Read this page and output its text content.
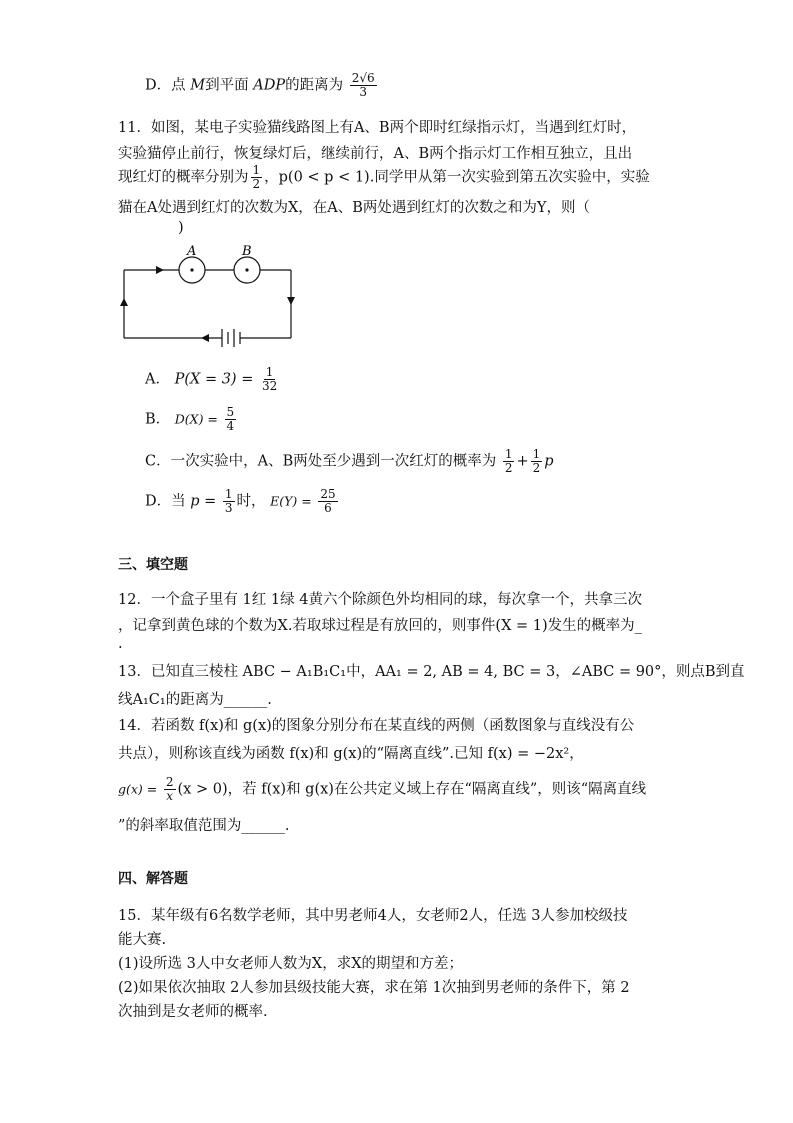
D．点 M到平面 ADP的距离为 $\frac{2√6}{3}$
11．如图，某电子实验猫线路图上有A、B两个即时红绿指示灯，当遇到红灯时，
实验猫停止前行，恢复绿灯后，继续前行，A、B两个指示灯工作相互独立，且出
现红灯的概率分别为 $\frac{1}{2}$ ，p(0 < p < 1).同学甲从第一次实验到第五次实验中，实验
猫在A处遇到红灯的次数为X，在A、B两处遇到红灯的次数之和为Y，则（
)
A	B
A． $P(X = 3) = \frac{1}{32}$
B． $D(X) = \frac{5}{4}$
C．一次实验中，A、B两处至少遇到一次红灯的概率为 $\frac{1}{2} + \frac{1}{2}$ p
D．当 $p = \frac{1}{3}$ 时， $E(Y) = \frac{25}{6}$
三、填空题
12．一个盒子里有 1红 1绿 4黄六个除颜色外均相同的球，每次拿一个，共拿三次
，记拿到黄色球的个数为X.若取球过程是有放回的，则事件(X = 1)发生的概率为_
.
13．已知直三棱柱 ABC − A₁B₁C₁中，AA₁ = 2, AB = 4, BC = 3，∠ABC = 90°，则点B到直
线A₁C₁的距离为______.
14．若函数 f(x)和 g(x)的图象分别分布在某直线的两侧（函数图象与直线没有公
共点），则称该直线为函数 f(x)和 g(x)的“隔离直线”.已知 f(x) = −2x²，
$g(x) = \frac{2}{x} (x > 0)$，若 f(x)和 g(x)在公共定义域上存在“隔离直线”，则该“隔离直线
”的斜率取值范围为______.
四、解答题
15．某年级有6名数学老师，其中男老师4人，女老师2人，任选 3人参加校级技
能大赛.
(1)设所选 3人中女老师人数为X，求X的期望和方差；
(2)如果依次抽取 2人参加县级技能大赛，求在第 1次抽到男老师的条件下，第 2
次抽到是女老师的概率.
